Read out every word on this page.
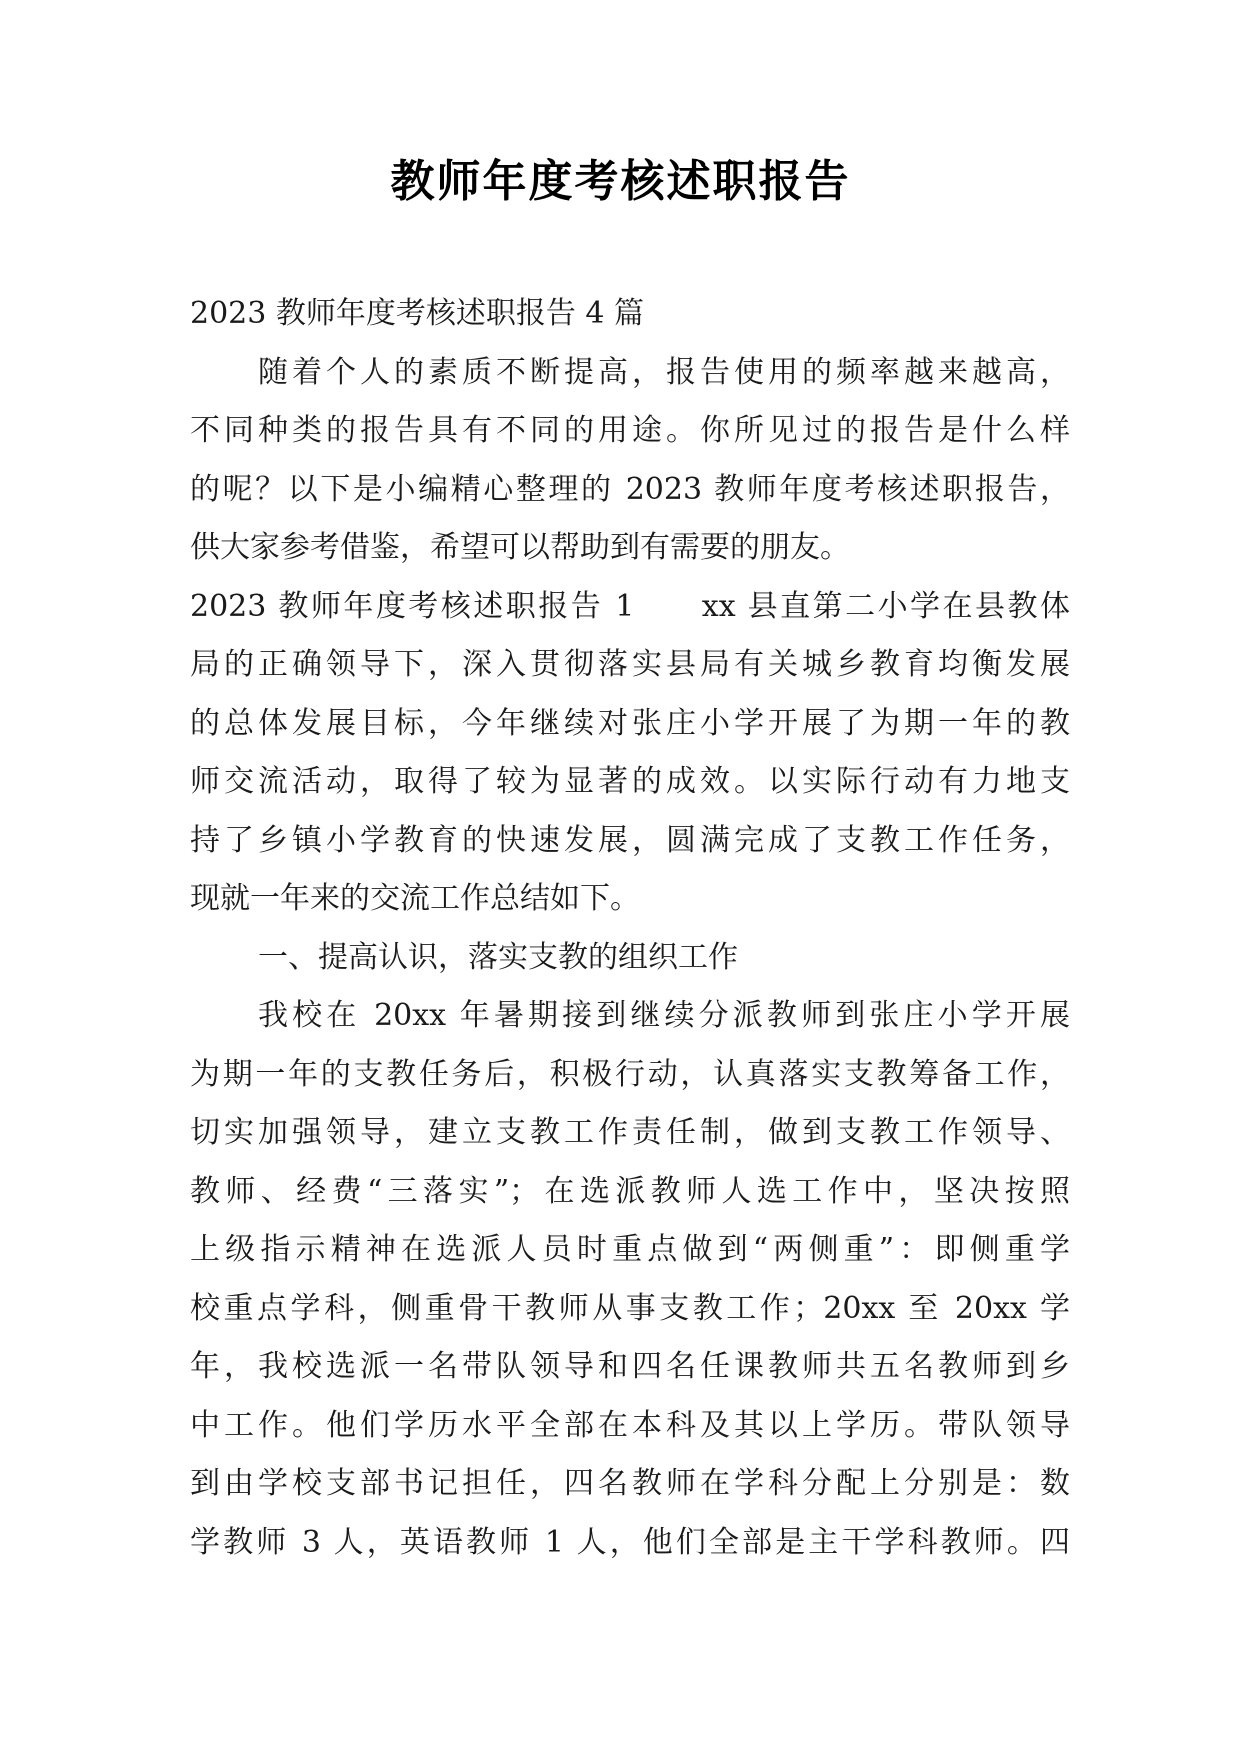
教师年度考核述职报告
2023 教师年度考核述职报告 4 篇
随着个人的素质不断提高，报告使用的频率越来越高，
不同种类的报告具有不同的用途。你所见过的报告是什么样
的呢？以下是小编精心整理的 2023 教师年度考核述职报告，
供大家参考借鉴，希望可以帮助到有需要的朋友。
2023 教师年度考核述职报告 1　　xx 县直第二小学在县教体
局的正确领导下，深入贯彻落实县局有关城乡教育均衡发展
的总体发展目标，今年继续对张庄小学开展了为期一年的教
师交流活动，取得了较为显著的成效。以实际行动有力地支
持了乡镇小学教育的快速发展，圆满完成了支教工作任务，
现就一年来的交流工作总结如下。
一、提高认识，落实支教的组织工作
我校在 20xx 年暑期接到继续分派教师到张庄小学开展
为期一年的支教任务后，积极行动，认真落实支教筹备工作，
切实加强领导，建立支教工作责任制，做到支教工作领导、
教师、经费“三落实”；在选派教师人选工作中，坚决按照
上级指示精神在选派人员时重点做到“两侧重”：即侧重学
校重点学科，侧重骨干教师从事支教工作；20xx 至 20xx 学
年，我校选派一名带队领导和四名任课教师共五名教师到乡
中工作。他们学历水平全部在本科及其以上学历。带队领导
到由学校支部书记担任，四名教师在学科分配上分别是：数
学教师 3 人，英语教师 1 人，他们全部是主干学科教师。四
